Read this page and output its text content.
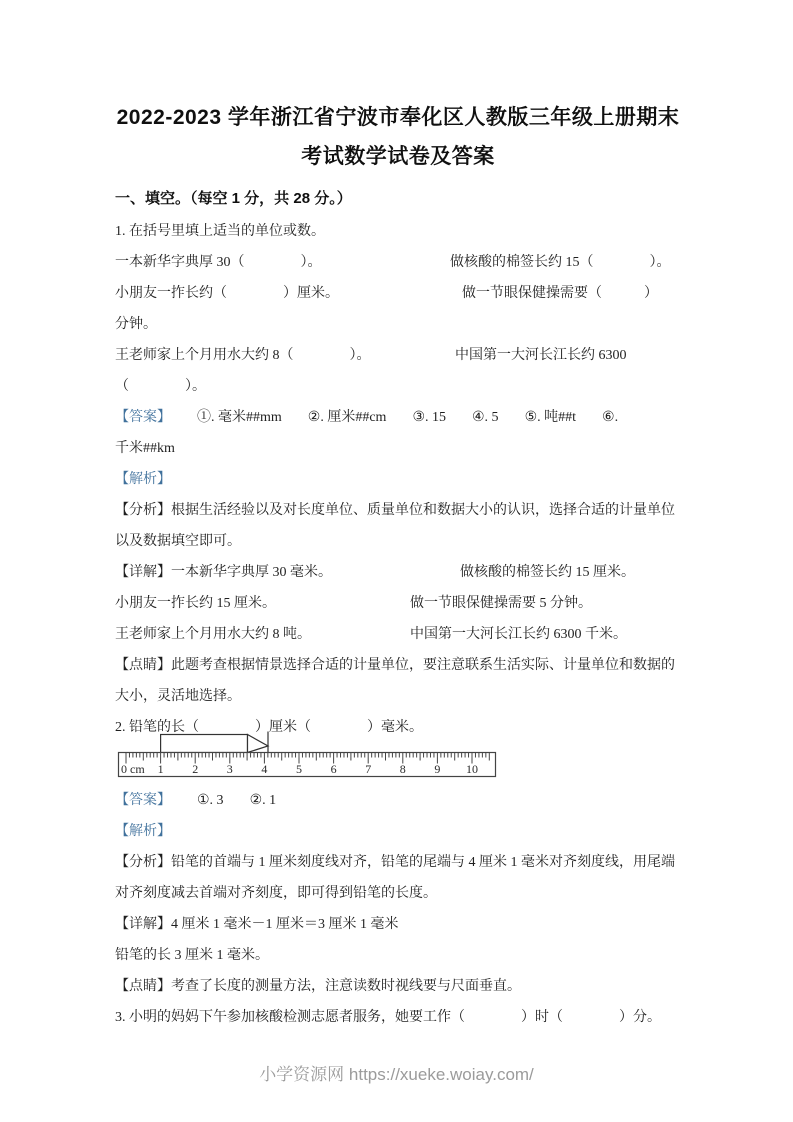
2022-2023 学年浙江省宁波市奉化区人教版三年级上册期末
考试数学试卷及答案
一、填空。（每空 1 分，共 28 分。）
1. 在括号里填上适当的单位或数。
一本新华字典厚 30（　　　　）。	做核酸的棉签长约 15（　　　　）。
小朋友一拃长约（　　　　）厘米。	做一节眼保健操需要（　　　）
分钟。
王老师家上个月用水大约 8（　　　　）。	中国第一大河长江长约 6300
（　　　　）。
【答案】 ①. 毫米##mm ②. 厘米##cm ③. 15 ④. 5 ⑤. 吨##t ⑥.
千米##km
【解析】
【分析】根据生活经验以及对长度单位、质量单位和数据大小的认识，选择合适的计量单位
以及数据填空即可。
【详解】一本新华字典厚 30 毫米。	做核酸的棉签长约 15 厘米。
小朋友一拃长约 15 厘米。	做一节眼保健操需要 5 分钟。
王老师家上个月用水大约 8 吨。	中国第一大河长江长约 6300 千米。
【点睛】此题考查根据情景选择合适的计量单位，要注意联系生活实际、计量单位和数据的
大小，灵活地选择。
2. 铅笔的长（　　　　）厘米（　　　　）毫米。
0 cm 1 2 3 4 5 6 7 8 9 10
【答案】 ①. 3 ②. 1
【解析】
【分析】铅笔的首端与 1 厘米刻度线对齐，铅笔的尾端与 4 厘米 1 毫米对齐刻度线，用尾端
对齐刻度减去首端对齐刻度，即可得到铅笔的长度。
【详解】4 厘米 1 毫米－1 厘米＝3 厘米 1 毫米
铅笔的长 3 厘米 1 毫米。
【点睛】考查了长度的测量方法，注意读数时视线要与尺面垂直。
3. 小明的妈妈下午参加核酸检测志愿者服务，她要工作（　　　　）时（　　　　）分。
小学资源网 https://xueke.woiay.com/
